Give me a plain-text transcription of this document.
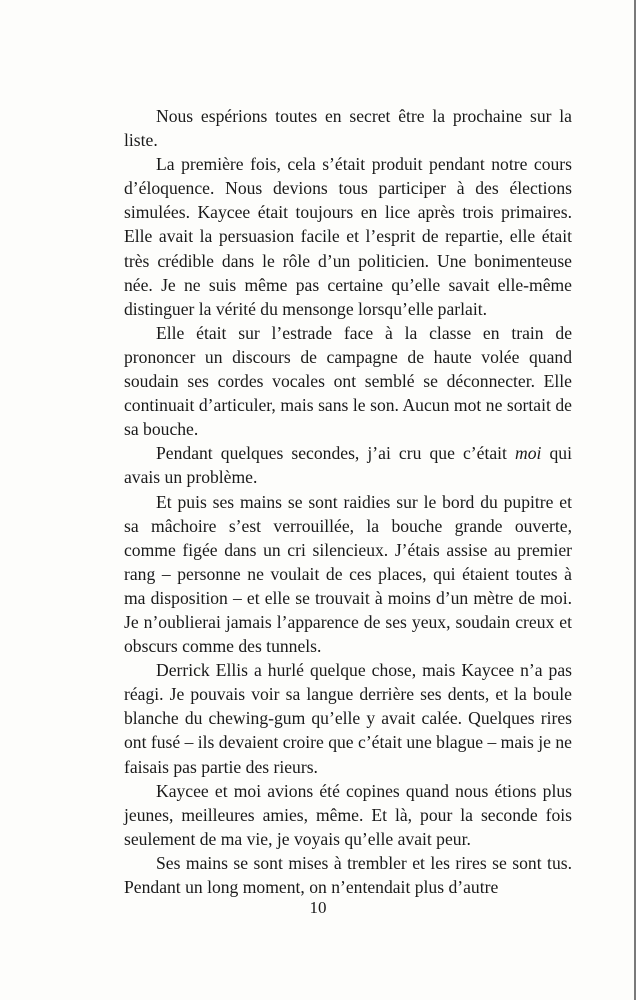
Nous espérions toutes en secret être la prochaine sur la liste.

La première fois, cela s’était produit pendant notre cours d’éloquence. Nous devions tous participer à des élections simulées. Kaycee était toujours en lice après trois primaires. Elle avait la persuasion facile et l’esprit de repartie, elle était très crédible dans le rôle d’un politicien. Une bonimenteuse née. Je ne suis même pas certaine qu’elle savait elle-même distinguer la vérité du mensonge lorsqu’elle parlait.

Elle était sur l’estrade face à la classe en train de prononcer un discours de campagne de haute volée quand soudain ses cordes vocales ont semblé se déconnecter. Elle continuait d’articuler, mais sans le son. Aucun mot ne sortait de sa bouche.

Pendant quelques secondes, j’ai cru que c’était moi qui avais un problème.

Et puis ses mains se sont raidies sur le bord du pupitre et sa mâchoire s’est verrouillée, la bouche grande ouverte, comme figée dans un cri silencieux. J’étais assise au premier rang – personne ne voulait de ces places, qui étaient toutes à ma disposition – et elle se trouvait à moins d’un mètre de moi. Je n’oublierai jamais l’apparence de ses yeux, soudain creux et obscurs comme des tunnels.

Derrick Ellis a hurlé quelque chose, mais Kaycee n’a pas réagi. Je pouvais voir sa langue derrière ses dents, et la boule blanche du chewing-gum qu’elle y avait calée. Quelques rires ont fusé – ils devaient croire que c’était une blague – mais je ne faisais pas partie des rieurs.

Kaycee et moi avions été copines quand nous étions plus jeunes, meilleures amies, même. Et là, pour la seconde fois seulement de ma vie, je voyais qu’elle avait peur.

Ses mains se sont mises à trembler et les rires se sont tus. Pendant un long moment, on n’entendait plus d’autre

10
